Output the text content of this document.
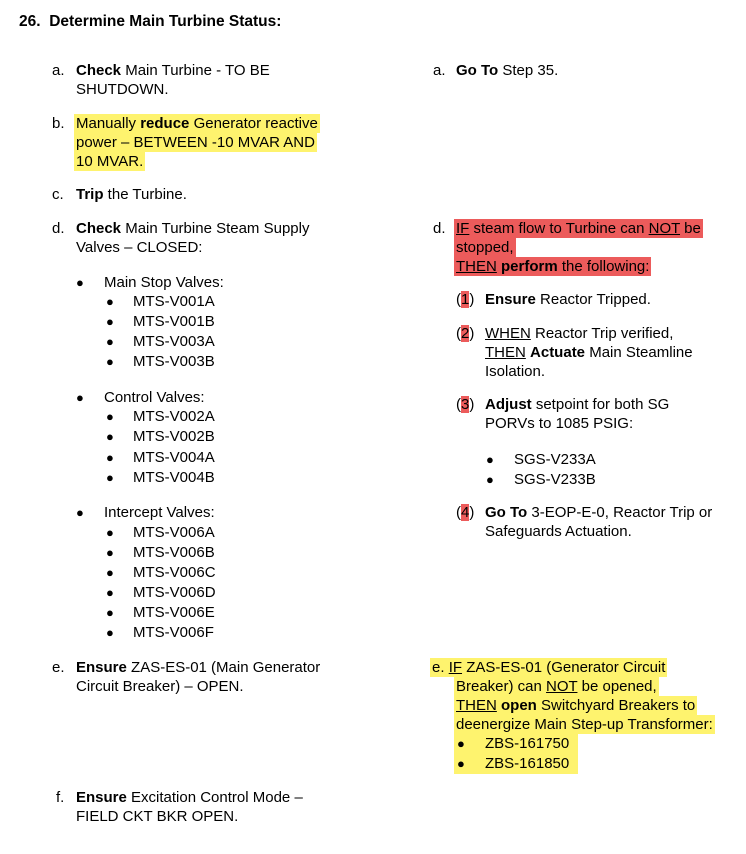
26. Determine Main Turbine Status:
a. Check Main Turbine - TO BE
SHUTDOWN.
b. Manually reduce Generator reactive
power – BETWEEN -10 MVAR AND
10 MVAR.
c. Trip the Turbine.
d. Check Main Turbine Steam Supply
Valves – CLOSED:
● Main Stop Valves:
● MTS-V001A
● MTS-V001B
● MTS-V003A
● MTS-V003B
● Control Valves:
● MTS-V002A
● MTS-V002B
● MTS-V004A
● MTS-V004B
● Intercept Valves:
● MTS-V006A
● MTS-V006B
● MTS-V006C
● MTS-V006D
● MTS-V006E
● MTS-V006F
e. Ensure ZAS-ES-01 (Main Generator
Circuit Breaker) – OPEN.
f. Ensure Excitation Control Mode –
FIELD CKT BKR OPEN.
a. Go To Step 35.
d. IF steam flow to Turbine can NOT be
stopped,
THEN perform the following:
(1) Ensure Reactor Tripped.
(2) WHEN Reactor Trip verified,
THEN Actuate Main Steamline
Isolation.
(3) Adjust setpoint for both SG
PORVs to 1085 PSIG:
● SGS-V233A
● SGS-V233B
(4) Go To 3-EOP-E-0, Reactor Trip or
Safeguards Actuation.
e. IF ZAS-ES-01 (Generator Circuit
Breaker) can NOT be opened,
THEN open Switchyard Breakers to
deenergize Main Step-up Transformer:
● ZBS-161750
● ZBS-161850
